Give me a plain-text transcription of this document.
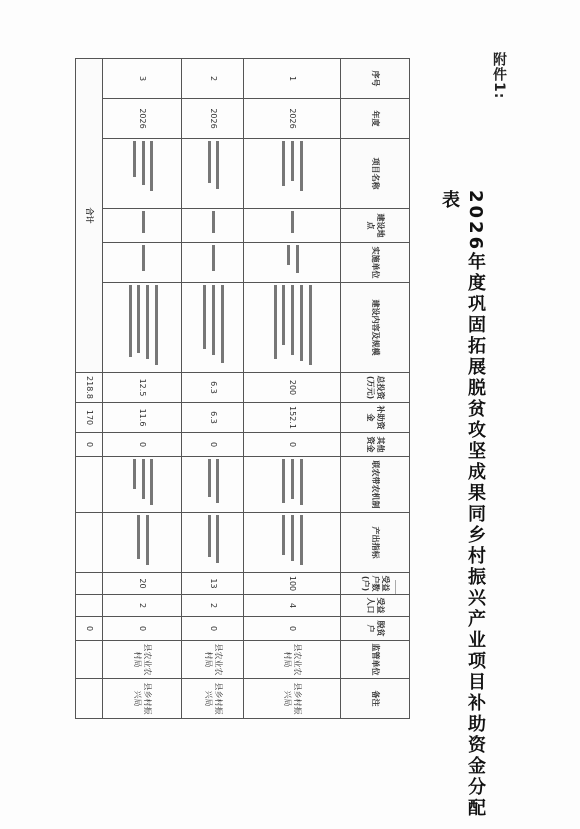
附件1:
2026年度巩固拓展脱贫攻坚成果同乡村振兴产业项目补助资金分配表
序号	年度	项目名称	建设地点	实施单位	建设内容及规模	总投资(万元)	补助资金	其他资金	联农带农机制	产出指标	受益户数(户)	受益人口	脱贫户	监管单位	备注
1	2026					200	152.1	0			100	4	0	县农业农村局	县乡村振兴局
2	2026					6.3	6.3	0			13	2	0	县农业农村局	县乡村振兴局
3	2026					12.5	11.6	0			20	2	0	县农业农村局	县乡村振兴局
合计						218.8	170	0					0		
